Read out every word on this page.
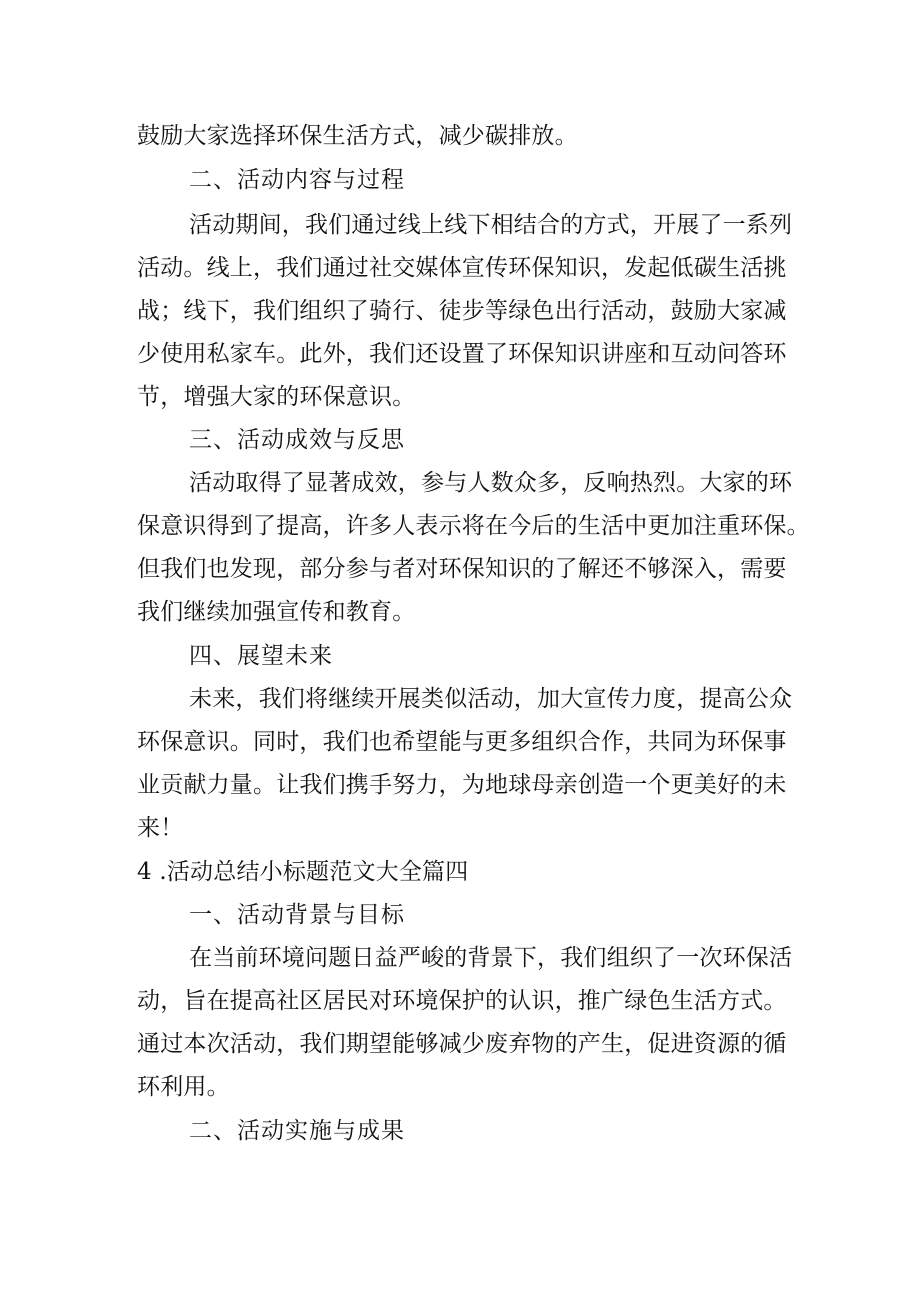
鼓励大家选择环保生活方式，减少碳排放。
二、活动内容与过程
活动期间，我们通过线上线下相结合的方式，开展了一系列
活动。线上，我们通过社交媒体宣传环保知识，发起低碳生活挑
战；线下，我们组织了骑行、徒步等绿色出行活动，鼓励大家减
少使用私家车。此外，我们还设置了环保知识讲座和互动问答环
节，增强大家的环保意识。
三、活动成效与反思
活动取得了显著成效，参与人数众多，反响热烈。大家的环
保意识得到了提高，许多人表示将在今后的生活中更加注重环保。
但我们也发现，部分参与者对环保知识的了解还不够深入，需要
我们继续加强宣传和教育。
四、展望未来
未来，我们将继续开展类似活动，加大宣传力度，提高公众
环保意识。同时，我们也希望能与更多组织合作，共同为环保事
业贡献力量。让我们携手努力，为地球母亲创造一个更美好的未
来！
4 .活动总结小标题范文大全篇四
一、活动背景与目标
在当前环境问题日益严峻的背景下，我们组织了一次环保活
动，旨在提高社区居民对环境保护的认识，推广绿色生活方式。
通过本次活动，我们期望能够减少废弃物的产生，促进资源的循
环利用。
二、活动实施与成果
